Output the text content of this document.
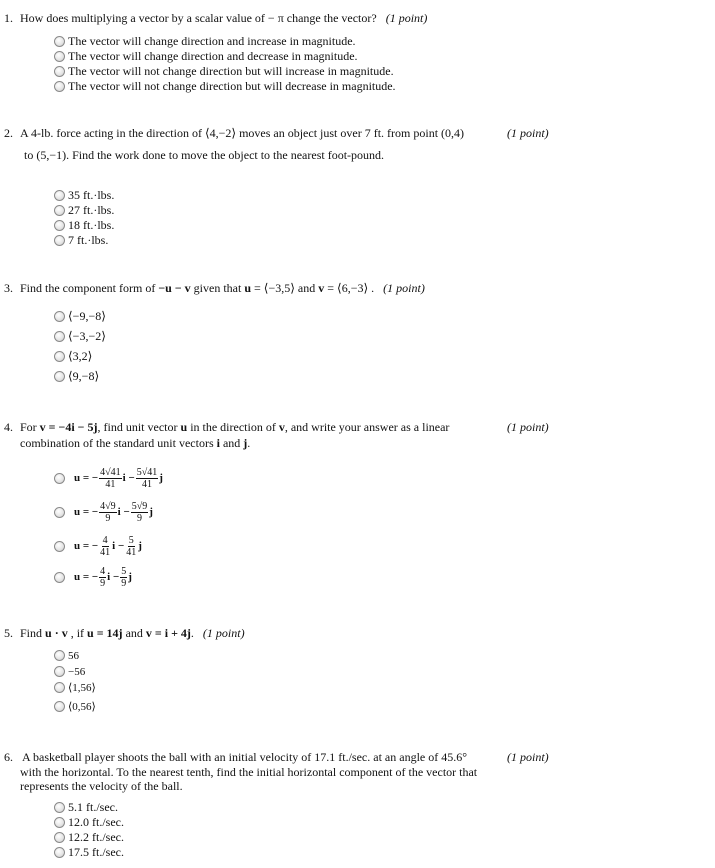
1. How does multiplying a vector by a scalar value of − π change the vector? (1 point)
The vector will change direction and increase in magnitude.
The vector will change direction and decrease in magnitude.
The vector will not change direction but will increase in magnitude.
The vector will not change direction but will decrease in magnitude.
2. A 4-lb. force acting in the direction of ⟨4,−2⟩ moves an object just over 7 ft. from point (0,4)	(1 point)
to (5,−1). Find the work done to move the object to the nearest foot-pound.
35 ft.·lbs.
27 ft.·lbs.
18 ft.·lbs.
7 ft.·lbs.
3. Find the component form of −u − v given that u = ⟨−3,5⟩ and v = ⟨6,−3⟩ . (1 point)
⟨−9,−8⟩
⟨−3,−2⟩
⟨3,2⟩
⟨9,−8⟩
4. For v = −4i − 5j, find unit vector u in the direction of v, and write your answer as a linear	(1 point)
combination of the standard unit vectors i and j.
u = − $\frac{4√41}{41}$ $i - \frac{5√41}{41}$ j
u = − $\frac{4√9}{9}$ $i - \frac{5√9}{9}$ j
u = − $\frac{4}{41}$ $i - \frac{5}{41}$ j
u = − $\frac{4}{9}$ $i - \frac{5}{9}$ j
5. Find u · v , if u = 14j and v = i + 4j. (1 point)
56
−56
⟨1,56⟩
⟨0,56⟩
6. A basketball player shoots the ball with an initial velocity of 17.1 ft./sec. at an angle of 45.6°	(1 point)
with the horizontal. To the nearest tenth, find the initial horizontal component of the vector that
represents the velocity of the ball.
5.1 ft./sec.
12.0 ft./sec.
12.2 ft./sec.
17.5 ft./sec.
